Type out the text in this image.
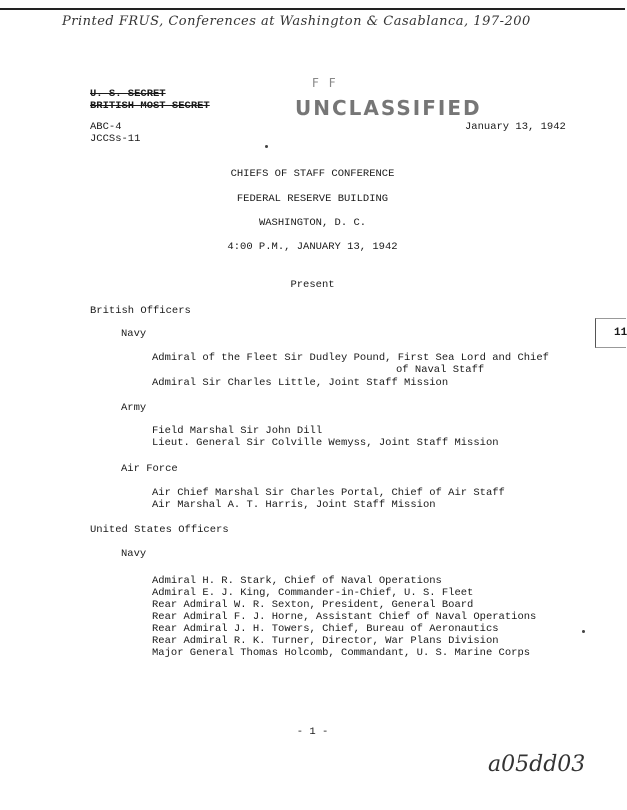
Printed FRUS, Conferences at Washington & Casablanca, 197-200
U. S. SECRET
BRITISH MOST SECRET
F F
UNCLASSIFIED
ABC-4
JCCSs-11
January 13, 1942
CHIEFS OF STAFF CONFERENCE
FEDERAL RESERVE BUILDING
WASHINGTON, D. C.
4:00 P.M., JANUARY 13, 1942
Present
British Officers
Navy
Admiral of the Fleet Sir Dudley Pound, First Sea Lord and Chief
of Naval Staff
Admiral Sir Charles Little, Joint Staff Mission
Army
Field Marshal Sir John Dill
Lieut. General Sir Colville Wemyss, Joint Staff Mission
Air Force
Air Chief Marshal Sir Charles Portal, Chief of Air Staff
Air Marshal A. T. Harris, Joint Staff Mission
United States Officers
Navy
Admiral H. R. Stark, Chief of Naval Operations
Admiral E. J. King, Commander-in-Chief, U. S. Fleet
Rear Admiral W. R. Sexton, President, General Board
Rear Admiral F. J. Horne, Assistant Chief of Naval Operations
Rear Admiral J. H. Towers, Chief, Bureau of Aeronautics
Rear Admiral R. K. Turner, Director, War Plans Division
Major General Thomas Holcomb, Commandant, U. S. Marine Corps
11
- 1 -
a05dd03
